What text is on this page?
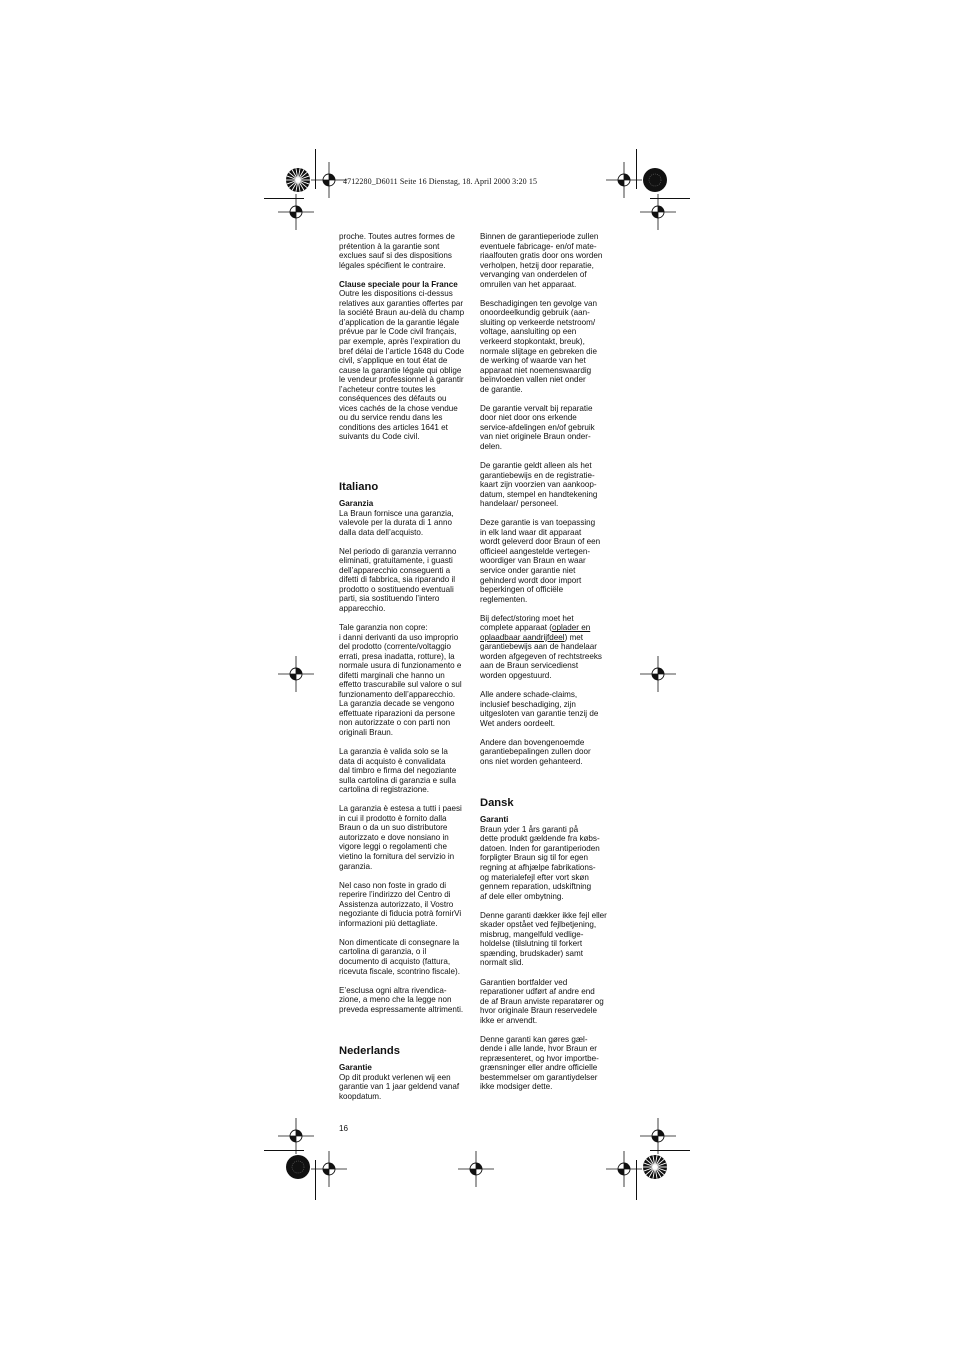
4712280_D6011 Seite 16 Dienstag, 18. April 2000 3:20 15
proche. Toutes autres formes de
prétention à la garantie sont
exclues sauf si des dispositions
légales spécifient le contraire.

Clause speciale pour la France

Outre les dispositions ci-dessus
relatives aux garanties offertes par
la société Braun au-delà du champ
d’application de la garantie légale
prévue par le Code civil français,
par exemple, après l’expiration du
bref délai de l’article 1648 du Code
civil, s’applique en tout état de
cause la garantie légale qui oblige
le vendeur professionnel à garantir
l’acheteur contre toutes les
conséquences des défauts ou
vices cachés de la chose vendue
ou du service rendu dans les
conditions des articles 1641 et
suivants du Code civil.
Italiano

Garanzia

La Braun fornisce una garanzia,
valevole per la durata di 1 anno
dalla data dell’acquisto.
Nel periodo di garanzia verranno
eliminati, gratuitamente, i guasti
dell’apparecchio conseguenti a
difetti di fabbrica, sia riparando il
prodotto o sostituendo eventuali
parti, sia sostituendo l’intero
apparecchio.
Tale garanzia non copre:
i danni derivanti da uso improprio
del prodotto (corrente/voltaggio
errati, presa inadatta, rotture), la
normale usura di funzionamento e
difetti marginali che hanno un
effetto trascurabile sul valore o sul
funzionamento dell’apparecchio.
La garanzia decade se vengono
effettuate riparazioni da persone
non autorizzate o con parti non
originali Braun.
La garanzia è valida solo se la
data di acquisto è convalidata
dal timbro e firma del negoziante
sulla cartolina di garanzia e sulla
cartolina di registrazione.
La garanzia è estesa a tutti i paesi
in cui il prodotto è fornito dalla
Braun o da un suo distributore
autorizzato e dove nonsiano in
vigore leggi o regolamenti che
vietino la fornitura del servizio in
garanzia.
Nel caso non foste in grado di
reperire l’indirizzo del Centro di
Assistenza autorizzato, il Vostro
negoziante di fiducia potrà fornirVi
informazioni più dettagliate.
Non dimenticate di consegnare la
cartolina di garanzia, o il
documento di acquisto (fattura,
ricevuta fiscale, scontrino fiscale).
E’esclusa ogni altra rivendica-
zione, a meno che la legge non
preveda espressamente altrimenti.
Nederlands

Garantie

Op dit produkt verlenen wij een
garantie van 1 jaar geldend vanaf
koopdatum.
Binnen de garantieperiode zullen
eventuele fabricage- en/of mate-
riaalfouten gratis door ons worden
verholpen, hetzij door reparatie,
vervanging van onderdelen of
omruilen van het apparaat.
Beschadigingen ten gevolge van
onoordeelkundig gebruik (aan-
sluiting op verkeerde netstroom/
voltage, aansluiting op een
verkeerd stopkontakt, breuk),
normale slijtage en gebreken die
de werking of waarde van het
apparaat niet noemenswaardig
beïnvloeden vallen niet onder
de garantie.
De garantie vervalt bij reparatie
door niet door ons erkende
service-afdelingen en/of gebruik
van niet originele Braun onder-
delen.
De garantie geldt alleen als het
garantiebewijs en de registratie-
kaart zijn voorzien van aankoop-
datum, stempel en handtekening
handelaar/ personeel.
Deze garantie is van toepassing
in elk land waar dit apparaat
wordt geleverd door Braun of een
officieel aangestelde vertegen-
woordiger van Braun en waar
service onder garantie niet
gehinderd wordt door import
beperkingen of officiële
reglementen.
Bij defect/storing moet het
complete apparaat (oplader en
oplaadbaar aandrijfdeel) met
garantiebewijs aan de handelaar
worden afgegeven of rechtstreeks
aan de Braun servicedienst
worden opgestuurd.
Alle andere schade-claims,
inclusief beschadiging, zijn
uitgesloten van garantie tenzij de
Wet anders oordeelt.
Andere dan bovengenoemde
garantiebepalingen zullen door
ons niet worden gehanteerd.
Dansk

Garanti

Braun yder 1 års garanti på
dette produkt gældende fra købs-
datoen. Inden for garantiperioden
forpligter Braun sig til for egen
regning at afhjælpe fabrikations-
og materialefejl efter vort skøn
gennem reparation, udskiftning
af dele eller ombytning.
Denne garanti dækker ikke fejl eller
skader opstået ved fejlbetjening,
misbrug, mangelfuld vedlige-
holdelse (tilslutning til forkert
spænding, brudskader) samt
normalt slid.
Garantien bortfalder ved
reparationer udført af andre end
de af Braun anviste reparatører og
hvor originale Braun reservedele
ikke er anvendt.
Denne garanti kan gøres gæl-
dende i alle lande, hvor Braun er
repræsenteret, og hvor importbe-
grænsninger eller andre officielle
bestemmelser om garantiydelser
ikke modsiger dette.
16
